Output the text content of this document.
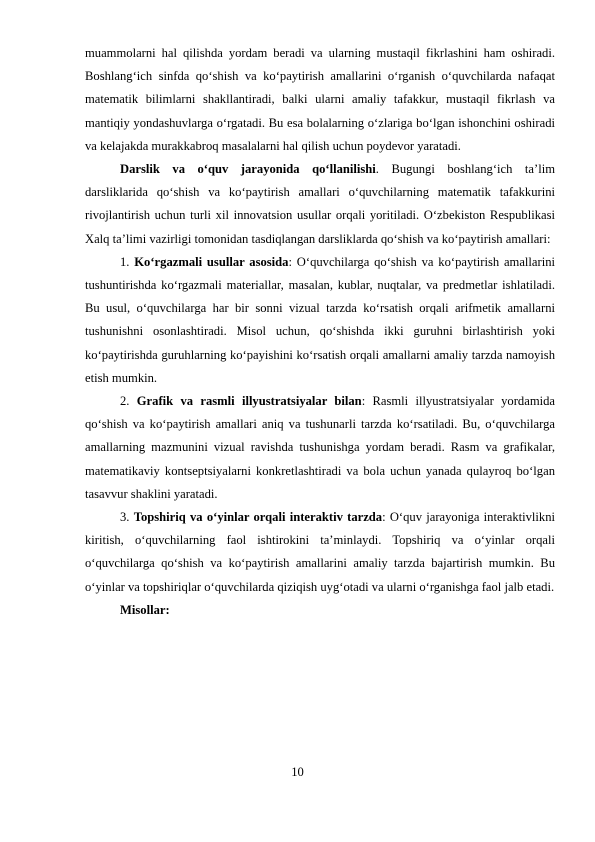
muammolarni hal qilishda yordam beradi va ularning mustaqil fikrlashini ham oshiradi. Boshlang‘ich sinfda qo‘shish va ko‘paytirish amallarini o‘rganish o‘quvchilarda nafaqat matematik bilimlarni shakllantiradi, balki ularni amaliy tafakkur, mustaqil fikrlash va mantiqiy yondashuvlarga o‘rgatadi. Bu esa bolalarning o‘zlariga bo‘lgan ishonchini oshiradi va kelajakda murakkabroq masalalarni hal qilish uchun poydevor yaratadi.

Darslik va o‘quv jarayonida qo‘llanilishi. Bugungi boshlang‘ich ta’lim darsliklarida qo‘shish va ko‘paytirish amallari o‘quvchilarning matematik tafakkurini rivojlantirish uchun turli xil innovatsion usullar orqali yoritiladi. O‘zbekiston Respublikasi Xalq ta’limi vazirligi tomonidan tasdiqlangan darsliklarda qo‘shish va ko‘paytirish amallari:

1. Ko‘rgazmali usullar asosida: O‘quvchilarga qo‘shish va ko‘paytirish amallarini tushuntirishda ko‘rgazmali materiallar, masalan, kublar, nuqtalar, va predmetlar ishlatiladi. Bu usul, o‘quvchilarga har bir sonni vizual tarzda ko‘rsatish orqali arifmetik amallarni tushunishni osonlashtiradi. Misol uchun, qo‘shishda ikki guruhni birlashtirish yoki ko‘paytirishda guruhlarning ko‘payishini ko‘rsatish orqali amallarni amaliy tarzda namoyish etish mumkin.

2. Grafik va rasmli illyustratsiyalar bilan: Rasmli illyustratsiyalar yordamida qo‘shish va ko‘paytirish amallari aniq va tushunarli tarzda ko‘rsatiladi. Bu, o‘quvchilarga amallarning mazmunini vizual ravishda tushunishga yordam beradi. Rasm va grafikalar, matematikaviy kontseptsiyalarni konkretlashtiradi va bola uchun yanada qulayroq bo‘lgan tasavvur shaklini yaratadi.

3. Topshiriq va o‘yinlar orqali interaktiv tarzda: O‘quv jarayoniga interaktivlikni kiritish, o‘quvchilarning faol ishtirokini ta’minlaydi. Topshiriq va o‘yinlar orqali o‘quvchilarga qo‘shish va ko‘paytirish amallarini amaliy tarzda bajartirish mumkin. Bu o‘yinlar va topshiriqlar o‘quvchilarda qiziqish uyg‘otadi va ularni o‘rganishga faol jalb etadi.

Misollar:

10
